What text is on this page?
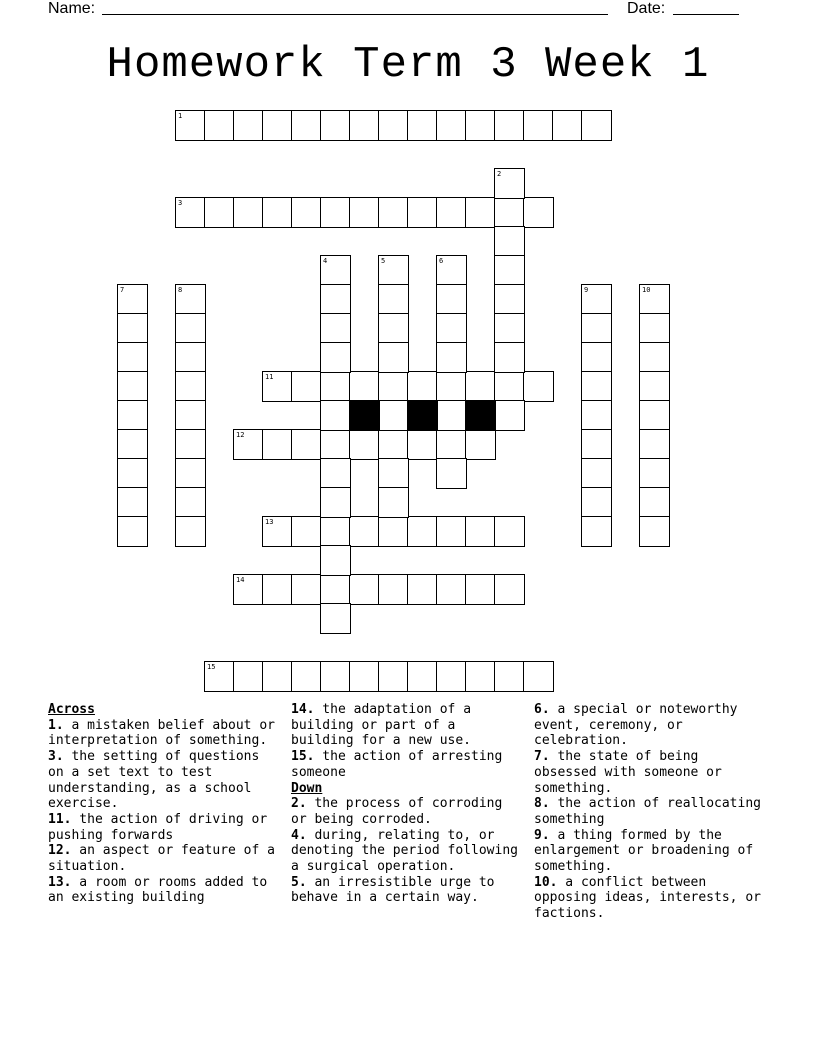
Name:	Date:
Homework Term 3 Week 1
1
3
11
12
13
14
15
2
4	5	6
7	8	9	10
Across
1. a mistaken belief about or interpretation of something.
3. the setting of questions on a set text to test understanding, as a school exercise.
11. the action of driving or pushing forwards
12. an aspect or feature of a situation.
13. a room or rooms added to an existing building
14. the adaptation of a building or part of a building for a new use.
15. the action of arresting someone
Down
2. the process of corroding or being corroded.
4. during, relating to, or denoting the period following a surgical operation.
5. an irresistible urge to behave in a certain way.
6. a special or noteworthy event, ceremony, or celebration.
7. the state of being obsessed with someone or something.
8. the action of reallocating something
9. a thing formed by the enlargement or broadening of something.
10. a conflict between opposing ideas, interests, or factions.
